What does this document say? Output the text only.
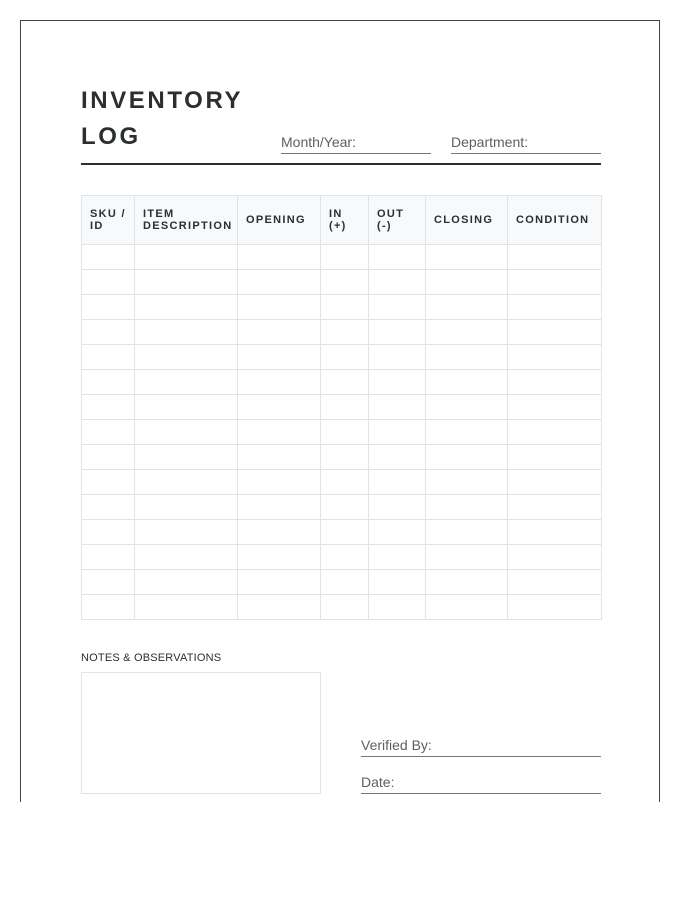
INVENTORY LOG	Month/Year:	Department:
SKU / ID	ITEM DESCRIPTION	OPENING	IN (+)	OUT (-)	CLOSING	CONDITION

NOTES & OBSERVATIONS
Verified By:
Date:
